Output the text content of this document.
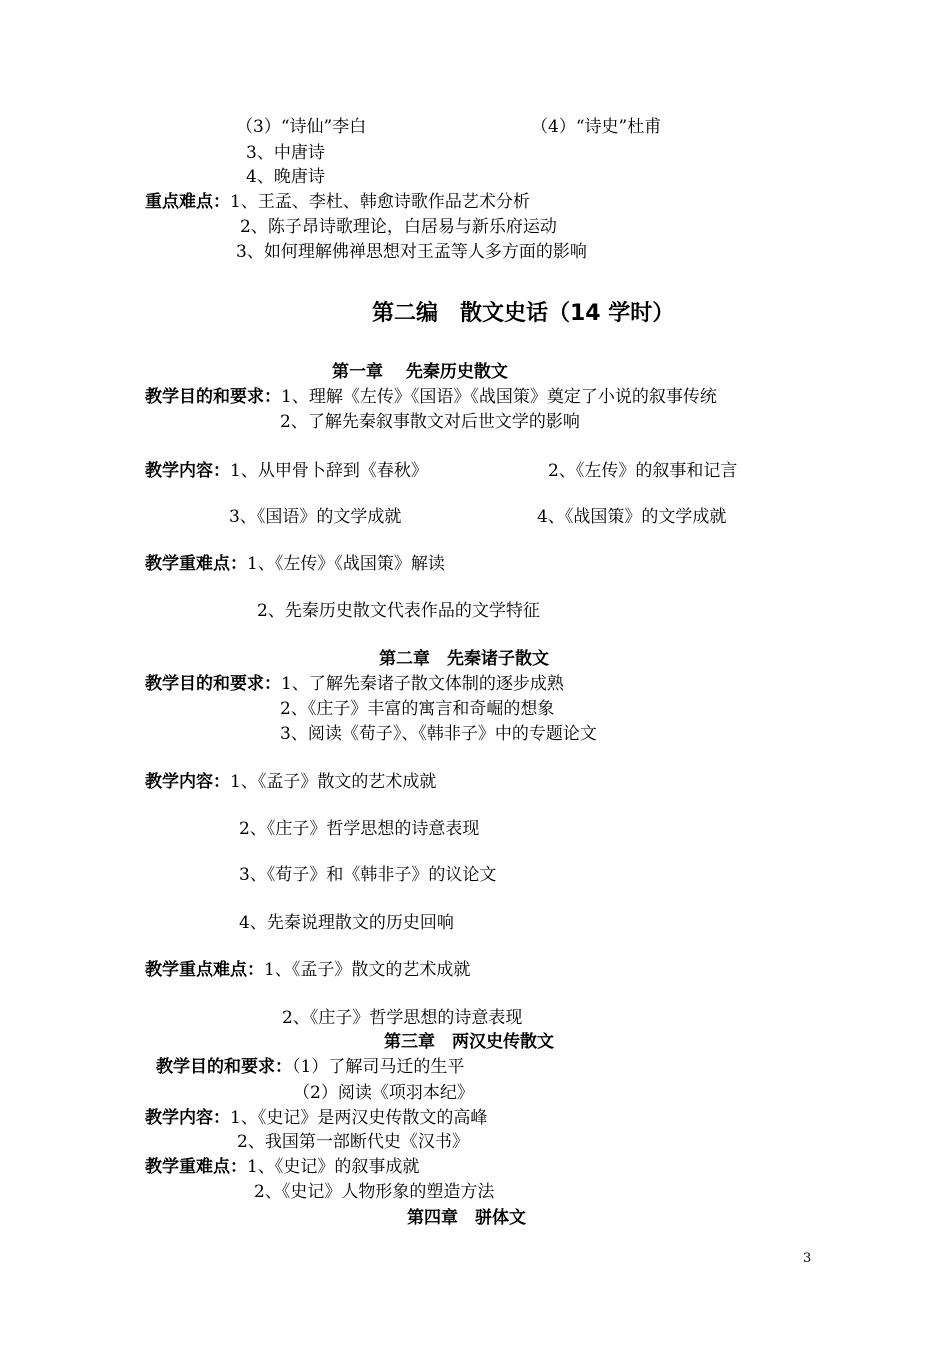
（3）“诗仙”李白	（4）“诗史”杜甫
3、中唐诗
4、晚唐诗
重点难点：1、王孟、李杜、韩愈诗歌作品艺术分析
2、陈子昂诗歌理论，白居易与新乐府运动
3、如何理解佛禅思想对王孟等人多方面的影响
第二编　散文史话（14 学时）
第一章　 先秦历史散文
教学目的和要求：1、理解《左传》《国语》《战国策》奠定了小说的叙事传统
2、了解先秦叙事散文对后世文学的影响
教学内容：1、从甲骨卜辞到《春秋》	2、《左传》的叙事和记言
3、《国语》的文学成就	4、《战国策》的文学成就
教学重难点：1、《左传》《战国策》解读
2、先秦历史散文代表作品的文学特征
第二章　先秦诸子散文
教学目的和要求：1、了解先秦诸子散文体制的逐步成熟
2、《庄子》丰富的寓言和奇崛的想象
3、阅读《荀子》、《韩非子》中的专题论文
教学内容：1、《孟子》散文的艺术成就
2、《庄子》哲学思想的诗意表现
3、《荀子》和《韩非子》的议论文
4、先秦说理散文的历史回响
教学重点难点：1、《孟子》散文的艺术成就
2、《庄子》哲学思想的诗意表现
第三章　两汉史传散文
教学目的和要求：（1）了解司马迁的生平
（2）阅读《项羽本纪》
教学内容：1、《史记》是两汉史传散文的高峰
2、我国第一部断代史《汉书》
教学重难点：1、《史记》的叙事成就
2、《史记》人物形象的塑造方法
第四章　骈体文
3
